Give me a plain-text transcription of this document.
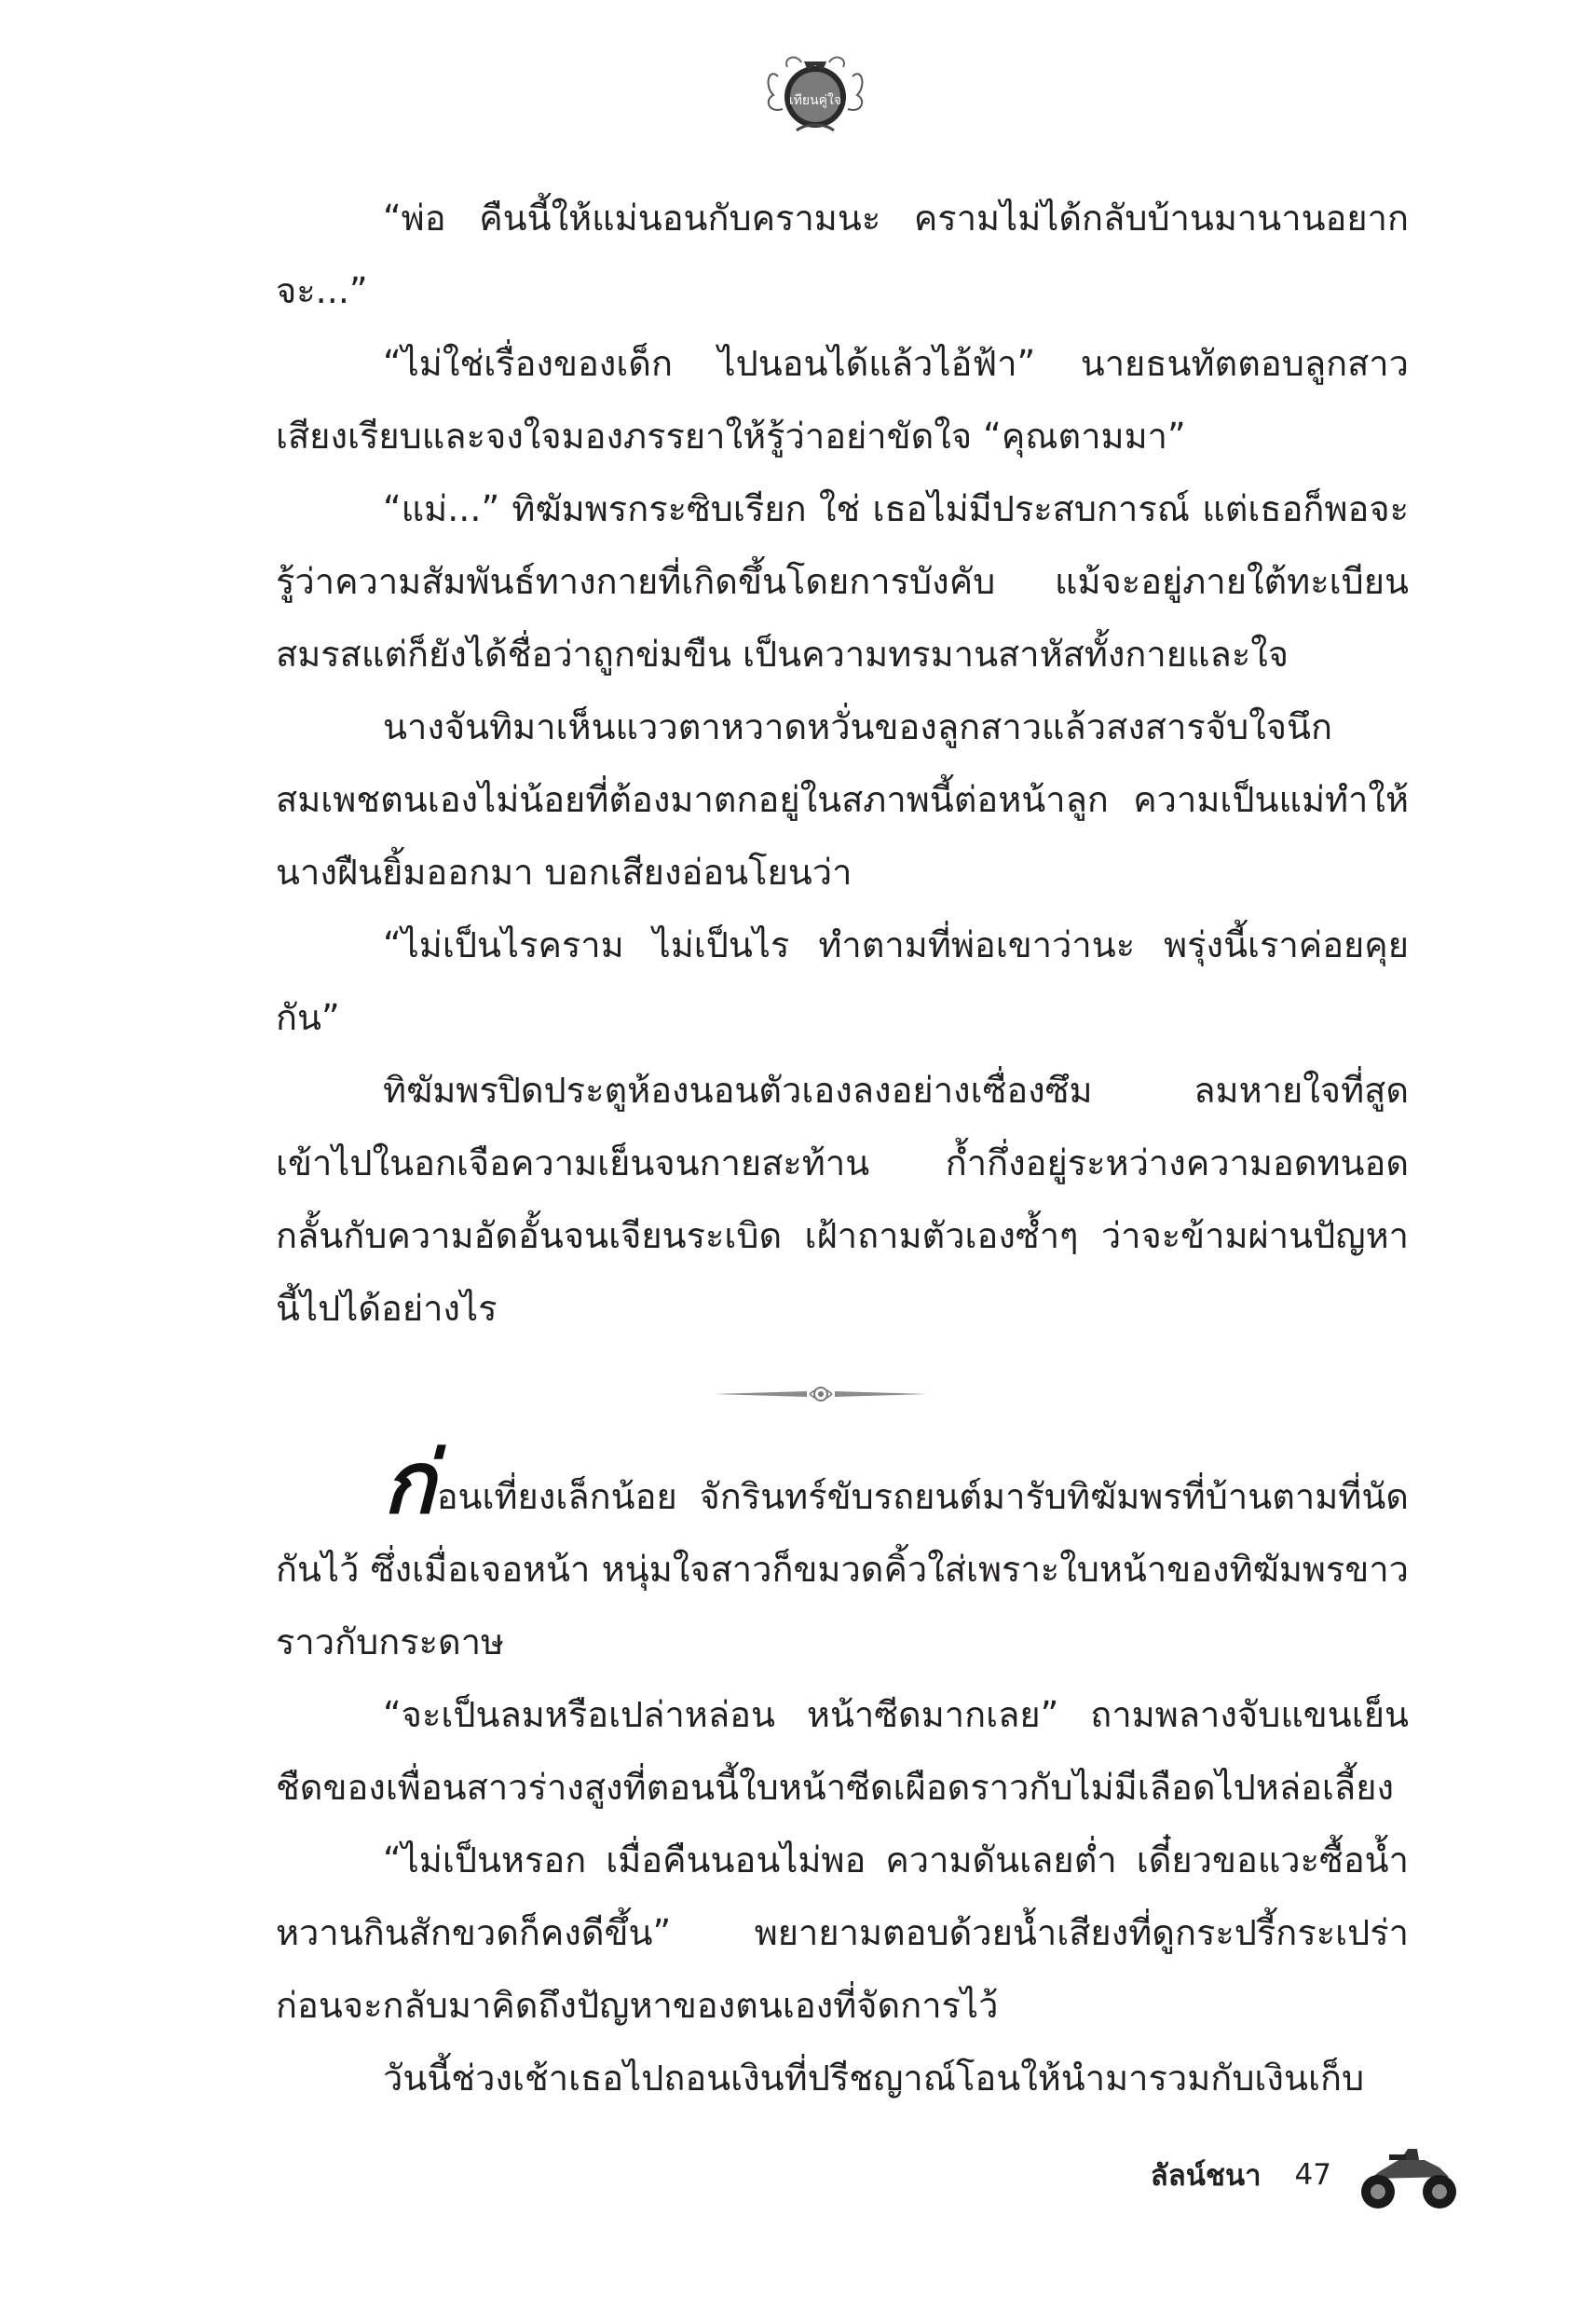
เทียนคู่ใจ

“พ่อ คืนนี้ให้แม่นอนกับครามนะ ครามไม่ได้กลับบ้านมานานอยากจะ...”

“ไม่ใช่เรื่องของเด็ก ไปนอนได้แล้วไอ้ฟ้า” นายธนทัตตอบลูกสาวเสียงเรียบและจงใจมองภรรยาให้รู้ว่าอย่าขัดใจ “คุณตามมา”

“แม่...” ทิฆัมพรกระซิบเรียก ใช่ เธอไม่มีประสบการณ์ แต่เธอก็พอจะรู้ว่าความสัมพันธ์ทางกายที่เกิดขึ้นโดยการบังคับ แม้จะอยู่ภายใต้ทะเบียนสมรสแต่ก็ยังได้ชื่อว่าถูกข่มขืน เป็นความทรมานสาหัสทั้งกายและใจ

นางจันทิมาเห็นแววตาหวาดหวั่นของลูกสาวแล้วสงสารจับใจนึกสมเพชตนเองไม่น้อยที่ต้องมาตกอยู่ในสภาพนี้ต่อหน้าลูก ความเป็นแม่ทำให้นางฝืนยิ้มออกมา บอกเสียงอ่อนโยนว่า

“ไม่เป็นไรคราม ไม่เป็นไร ทำตามที่พ่อเขาว่านะ พรุ่งนี้เราค่อยคุยกัน”

ทิฆัมพรปิดประตูห้องนอนตัวเองลงอย่างเซื่องซึม ลมหายใจที่สูดเข้าไปในอกเจือความเย็นจนกายสะท้าน ก้ำกึ่งอยู่ระหว่างความอดทนอดกลั้นกับความอัดอั้นจนเจียนระเบิด เฝ้าถามตัวเองซ้ำๆ ว่าจะข้ามผ่านปัญหานี้ไปได้อย่างไร

ก่อนเที่ยงเล็กน้อย จักรินทร์ขับรถยนต์มารับทิฆัมพรที่บ้านตามที่นัดกันไว้ ซึ่งเมื่อเจอหน้า หนุ่มใจสาวก็ขมวดคิ้วใส่เพราะใบหน้าของทิฆัมพรขาวราวกับกระดาษ

“จะเป็นลมหรือเปล่าหล่อน หน้าซีดมากเลย” ถามพลางจับแขนเย็นชืดของเพื่อนสาวร่างสูงที่ตอนนี้ใบหน้าซีดเผือดราวกับไม่มีเลือดไปหล่อเลี้ยง

“ไม่เป็นหรอก เมื่อคืนนอนไม่พอ ความดันเลยต่ำ เดี๋ยวขอแวะซื้อน้ำหวานกินสักขวดก็คงดีขึ้น” พยายามตอบด้วยน้ำเสียงที่ดูกระปรี้กระเปร่า ก่อนจะกลับมาคิดถึงปัญหาของตนเองที่จัดการไว้

วันนี้ช่วงเช้าเธอไปถอนเงินที่ปรีชญาณ์โอนให้นำมารวมกับเงินเก็บ

ลัลน์ชนา 47
